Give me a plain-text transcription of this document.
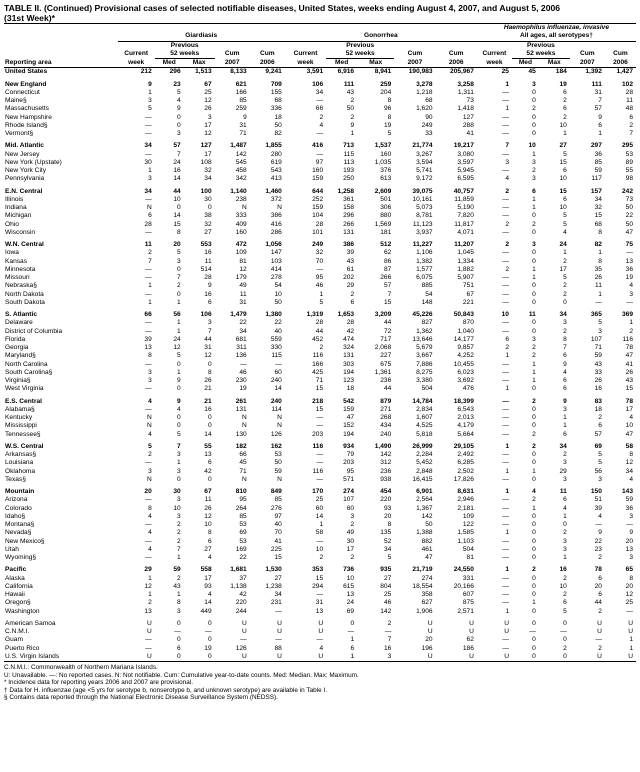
TABLE II. (Continued) Provisional cases of selected notifiable diseases, United States, weeks ending August 4, 2007, and August 5, 2006
(31st Week)*
											Haemophilus influenzae, invasive				
	Giardiasis					Gonorrhea					All ages, all serotypes†				
		Previous					Previous					Previous			
	Current	52 weeks		Cum	Cum	Current	52 weeks		Cum	Cum	Current	52 weeks		Cum	Cum
Reporting area	week	Med	Max	2007	2006	week	Med	Max	2007	2006	week	Med	Max	2007	2006
United States	212	296	1,513	8,133	9,241	3,591	6,916	8,941	190,983	205,967	25	45	184	1,392	1,427

New England	9	23	67	621	709	106	111	259	3,278	3,258	1	3	19	111	102
Connecticut	1	5	25	166	155	34	43	204	1,218	1,311	—	0	6	31	28
Maine§	3	4	12	85	68	—	2	8	68	73	—	0	2	7	11
Massachusetts	5	9	26	259	336	66	50	96	1,620	1,418	1	2	6	57	48
New Hampshire	—	0	3	9	18	2	2	8	90	127	—	0	2	9	6
Rhode Island§	—	0	17	31	50	4	9	19	249	288	—	0	10	6	2
Vermont§	—	3	12	71	82	—	1	5	33	41	—	0	1	1	7

Mid. Atlantic	34	57	127	1,487	1,855	416	713	1,537	21,774	19,217	7	10	27	297	295
New Jersey	—	7	17	142	280	—	115	160	3,267	3,080	—	1	5	36	53
New York (Upstate)	30	24	108	545	619	97	113	1,035	3,594	3,597	3	3	15	85	89
New York City	1	16	32	458	543	160	193	376	5,741	5,945	—	2	6	59	55
Pennsylvania	3	14	34	342	413	159	250	613	9,172	6,595	4	3	10	117	98

E.N. Central	34	44	100	1,140	1,460	644	1,258	2,609	39,075	40,757	2	6	15	157	242
Illinois	—	10	30	238	372	252	361	501	10,161	11,859	—	1	6	34	73
Indiana	N	0	0	N	N	159	158	306	5,073	5,190	—	1	10	32	50
Michigan	6	14	38	333	386	104	296	880	8,781	7,820	—	0	5	15	22
Ohio	28	15	32	409	416	28	266	1,569	11,123	11,817	2	2	5	68	50
Wisconsin	—	8	27	160	286	101	131	181	3,937	4,071	—	0	4	8	47

W.N. Central	11	20	553	472	1,056	249	386	512	11,227	11,207	2	3	24	82	75
Iowa	2	5	16	109	147	32	39	62	1,106	1,045	—	0	1	1	—
Kansas	7	3	11	81	103	70	43	86	1,382	1,334	—	0	2	8	13
Minnesota	—	0	514	12	414	—	61	87	1,577	1,882	2	1	17	35	36
Missouri	—	7	28	179	278	95	202	266	6,075	5,907	—	1	5	26	19
Nebraska§	1	2	9	49	54	46	29	57	885	751	—	0	2	11	4
North Dakota	—	0	16	11	10	1	2	7	54	67	—	0	2	1	3
South Dakota	1	1	6	31	50	5	6	15	148	221	—	0	0	—	—

S. Atlantic	66	56	106	1,479	1,380	1,319	1,653	3,209	45,226	50,843	10	11	34	365	369
Delaware	—	1	3	22	22	28	28	44	827	870	—	0	3	5	1
District of Columbia	—	1	7	34	40	44	42	72	1,362	1,040	—	0	2	3	2
Florida	39	24	44	681	559	452	474	717	13,646	14,177	6	3	8	107	116
Georgia	13	12	31	311	330	2	324	2,068	5,679	9,857	2	2	7	71	78
Maryland§	8	5	12	136	115	116	131	227	3,667	4,252	1	2	6	59	47
North Carolina	—	0	0	—	—	166	303	675	7,886	10,455	—	1	9	43	41
South Carolina§	3	1	8	46	60	425	194	1,361	8,275	6,023	—	1	4	33	26
Virginia§	3	9	26	230	240	71	123	236	3,380	3,692	—	1	6	26	43
West Virginia	—	0	21	19	14	15	18	44	504	476	1	0	6	16	15

E.S. Central	4	9	21	261	240	218	542	879	14,784	18,399	—	2	9	83	78
Alabama§	—	4	16	131	114	15	159	271	2,834	6,543	—	0	3	18	17
Kentucky	N	0	0	N	N	—	47	268	1,607	2,013	—	0	1	2	4
Mississippi	N	0	0	N	N	—	152	434	4,525	4,179	—	0	1	6	10
Tennessee§	4	5	14	130	126	203	194	240	5,818	5,664	—	2	6	57	47

W.S. Central	5	7	55	182	162	116	934	1,490	26,999	29,105	1	2	34	69	58
Arkansas§	2	3	13	66	53	—	79	142	2,284	2,492	—	0	2	5	8
Louisiana	—	1	6	45	50	—	203	312	5,452	6,285	—	0	3	5	12
Oklahoma	3	3	42	71	59	116	95	236	2,848	2,502	1	1	29	56	34
Texas§	N	0	0	N	N	—	571	938	16,415	17,826	—	0	3	3	4

Mountain	20	30	67	810	849	170	274	454	6,901	8,631	1	4	11	150	143
Arizona	—	3	11	95	85	25	107	220	2,564	2,946	—	2	6	51	59
Colorado	8	10	26	264	276	60	60	93	1,367	2,181	—	1	4	39	36
Idaho§	4	3	12	85	97	14	3	20	142	109	—	0	1	4	3
Montana§	—	2	10	53	40	1	2	8	50	122	—	0	0	—	—
Nevada§	4	2	8	69	70	58	49	135	1,388	1,585	1	0	2	9	9
New Mexico§	—	2	6	53	41	—	30	52	882	1,103	—	0	3	22	20
Utah	4	7	27	169	225	10	17	34	461	504	—	0	3	23	13
Wyoming§	—	1	4	22	15	2	2	5	47	81	—	0	1	2	3

Pacific	29	59	558	1,681	1,530	353	736	935	21,719	24,550	1	2	16	78	65
Alaska	1	2	17	37	27	15	10	27	274	331	—	0	2	6	8
California	12	43	93	1,138	1,238	294	615	804	18,554	20,166	—	0	10	20	20
Hawaii	1	1	4	42	34	—	13	25	358	607	—	0	2	6	12
Oregon§	2	8	14	220	231	31	24	46	627	875	—	1	6	44	25
Washington	13	3	449	244	—	13	69	142	1,906	2,571	1	0	5	2	—

American Samoa	U	0	0	U	U	U	0	2	U	U	U	0	0	U	U
C.N.M.I.	U	—	—	U	U	U	—	—	U	U	U	—	—	U	U
Guam	—	0	0	—	—	—	1	7	20	62	—	0	0	—	1
Puerto Rico	—	6	19	126	88	4	6	16	196	186	—	0	2	2	1
U.S. Virgin Islands	U	0	0	U	U	U	1	3	U	U	U	0	0	U	U
C.N.M.I.: Commonwealth of Northern Mariana Islands.
U: Unavailable. —: No reported cases. N: Not notifiable. Cum: Cumulative year-to-date counts. Med: Median. Max: Maximum.
* Incidence data for reporting years 2006 and 2007 are provisional.
† Data for H. influenzae (age <5 yrs for serotype b, nonserotype b, and unknown serotype) are available in Table I.
§ Contains data reported through the National Electronic Disease Surveillance System (NEDSS).
